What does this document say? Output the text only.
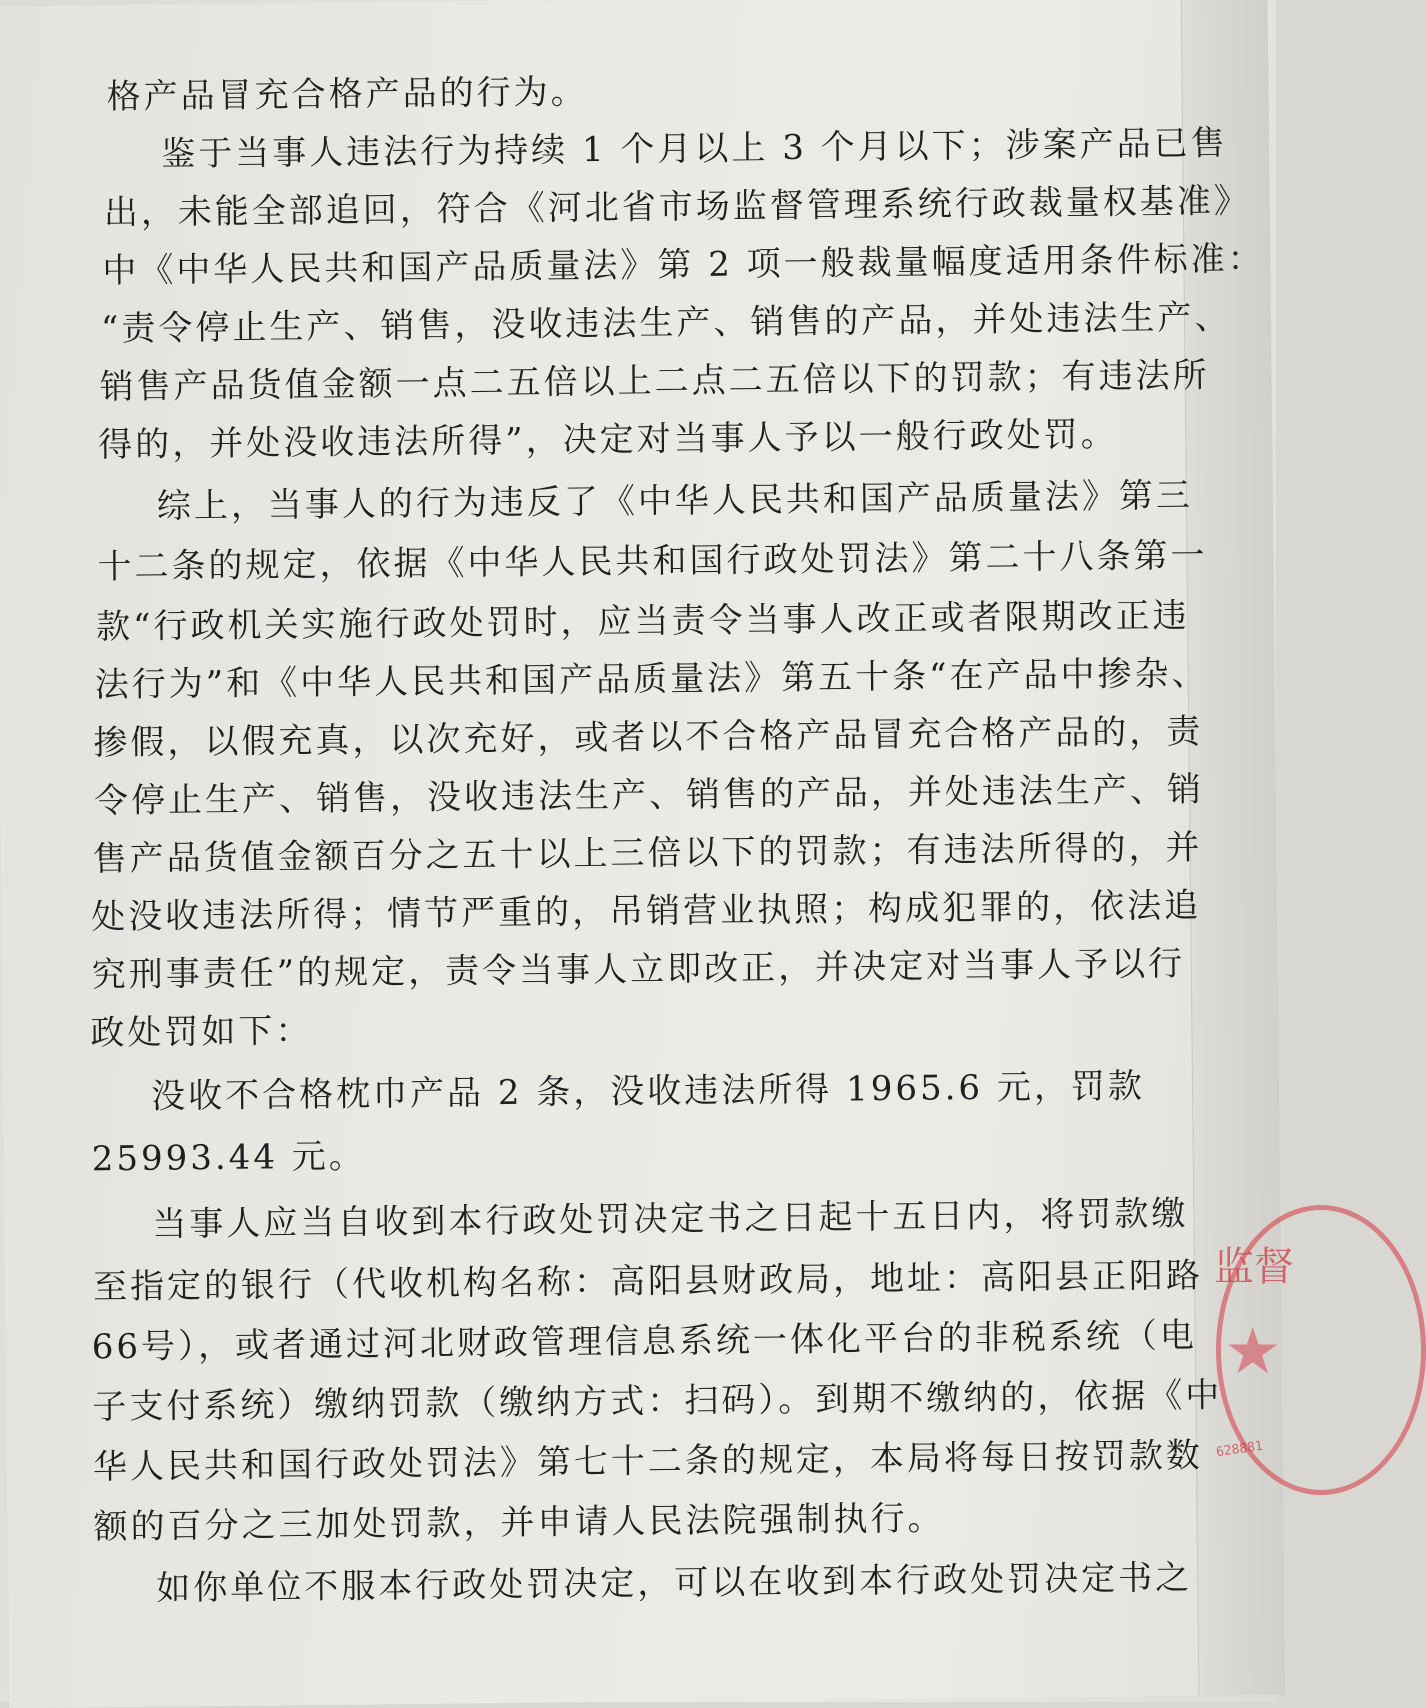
格产品冒充合格产品的行为。
鉴于当事人违法行为持续 1 个月以上 3 个月以下；涉案产品已售
出，未能全部追回，符合《河北省市场监督管理系统行政裁量权基准》
中《中华人民共和国产品质量法》第 2 项一般裁量幅度适用条件标准：
“责令停止生产、销售，没收违法生产、销售的产品，并处违法生产、
销售产品货值金额一点二五倍以上二点二五倍以下的罚款；有违法所
得的，并处没收违法所得”，决定对当事人予以一般行政处罚。
综上，当事人的行为违反了《中华人民共和国产品质量法》第三
十二条的规定，依据《中华人民共和国行政处罚法》第二十八条第一
款“行政机关实施行政处罚时，应当责令当事人改正或者限期改正违
法行为”和《中华人民共和国产品质量法》第五十条“在产品中掺杂、
掺假，以假充真，以次充好，或者以不合格产品冒充合格产品的，责
令停止生产、销售，没收违法生产、销售的产品，并处违法生产、销
售产品货值金额百分之五十以上三倍以下的罚款；有违法所得的，并
处没收违法所得；情节严重的，吊销营业执照；构成犯罪的，依法追
究刑事责任”的规定，责令当事人立即改正，并决定对当事人予以行
政处罚如下：
没收不合格枕巾产品 2 条，没收违法所得 1965.6 元，罚款
25993.44 元。
当事人应当自收到本行政处罚决定书之日起十五日内，将罚款缴
至指定的银行（代收机构名称：高阳县财政局，地址：高阳县正阳路
66号），或者通过河北财政管理信息系统一体化平台的非税系统（电
子支付系统）缴纳罚款（缴纳方式：扫码）。到期不缴纳的，依据《中
华人民共和国行政处罚法》第七十二条的规定，本局将每日按罚款数
额的百分之三加处罚款，并申请人民法院强制执行。
如你单位不服本行政处罚决定，可以在收到本行政处罚决定书之
监督
★
628881
